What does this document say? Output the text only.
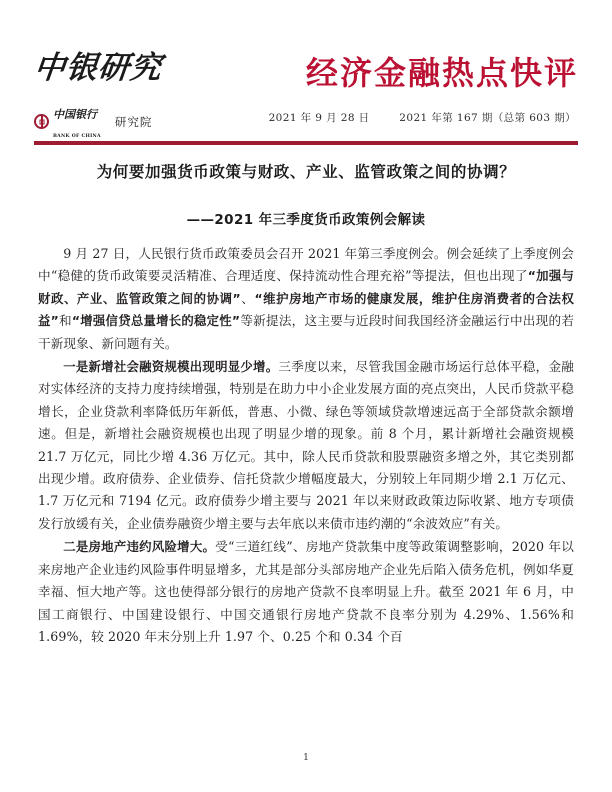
中银研究
中国银行
BANK OF CHINA
研究院
经济金融热点快评
2021 年 9 月 28 日	2021 年第 167 期（总第 603 期）
为何要加强货币政策与财政、产业、监管政策之间的协调？
——2021 年三季度货币政策例会解读

9 月 27 日，人民银行货币政策委员会召开 2021 年第三季度例会。例会延续了上季度例会中“稳健的货币政策要灵活精准、合理适度、保持流动性合理充裕”等提法，但也出现了“加强与财政、产业、监管政策之间的协调”、“维护房地产市场的健康发展，维护住房消费者的合法权益”和“增强信贷总量增长的稳定性”等新提法，这主要与近段时间我国经济金融运行中出现的若干新现象、新问题有关。

一是新增社会融资规模出现明显少增。三季度以来，尽管我国金融市场运行总体平稳，金融对实体经济的支持力度持续增强，特别是在助力中小企业发展方面的亮点突出，人民币贷款平稳增长，企业贷款利率降低历年新低，普惠、小微、绿色等领域贷款增速远高于全部贷款余额增速。但是，新增社会融资规模也出现了明显少增的现象。前 8 个月，累计新增社会融资规模 21.7 万亿元，同比少增 4.36 万亿元。其中，除人民币贷款和股票融资多增之外，其它类别都出现少增。政府债券、企业债券、信托贷款少增幅度最大，分别较上年同期少增 2.1 万亿元、1.7 万亿元和 7194 亿元。政府债券少增主要与 2021 年以来财政政策边际收紧、地方专项债发行放缓有关，企业债券融资少增主要与去年底以来债市违约潮的“余波效应”有关。

二是房地产违约风险增大。受“三道红线”、房地产贷款集中度等政策调整影响，2020 年以来房地产企业违约风险事件明显增多，尤其是部分头部房地产企业先后陷入债务危机，例如华夏幸福、恒大地产等。这也使得部分银行的房地产贷款不良率明显上升。截至 2021 年 6 月，中国工商银行、中国建设银行、中国交通银行房地产贷款不良率分别为 4.29%、1.56%和 1.69%，较 2020 年末分别上升 1.97 个、0.25 个和 0.34 个百

1
